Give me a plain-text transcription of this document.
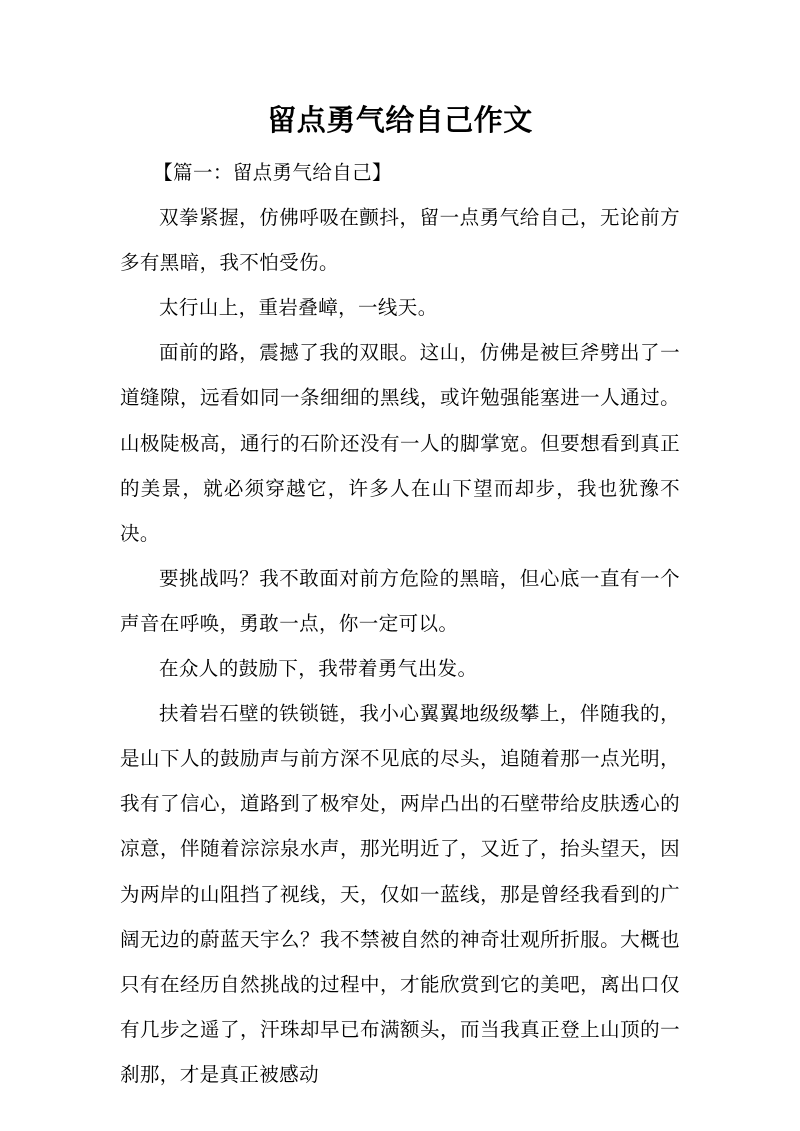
留点勇气给自己作文

【篇一：留点勇气给自己】

双拳紧握，仿佛呼吸在颤抖，留一点勇气给自己，无论前方多有黑暗，我不怕受伤。

太行山上，重岩叠嶂，一线天。

面前的路，震撼了我的双眼。这山，仿佛是被巨斧劈出了一道缝隙，远看如同一条细细的黑线，或许勉强能塞进一人通过。山极陡极高，通行的石阶还没有一人的脚掌宽。但要想看到真正的美景，就必须穿越它，许多人在山下望而却步，我也犹豫不决。

要挑战吗？我不敢面对前方危险的黑暗，但心底一直有一个声音在呼唤，勇敢一点，你一定可以。

在众人的鼓励下，我带着勇气出发。

扶着岩石壁的铁锁链，我小心翼翼地级级攀上，伴随我的，是山下人的鼓励声与前方深不见底的尽头，追随着那一点光明，我有了信心，道路到了极窄处，两岸凸出的石壁带给皮肤透心的凉意，伴随着淙淙泉水声，那光明近了，又近了，抬头望天，因为两岸的山阻挡了视线，天，仅如一蓝线，那是曾经我看到的广阔无边的蔚蓝天宇么？我不禁被自然的神奇壮观所折服。大概也只有在经历自然挑战的过程中，才能欣赏到它的美吧，离出口仅有几步之遥了，汗珠却早已布满额头，而当我真正登上山顶的一刹那，才是真正被感动
